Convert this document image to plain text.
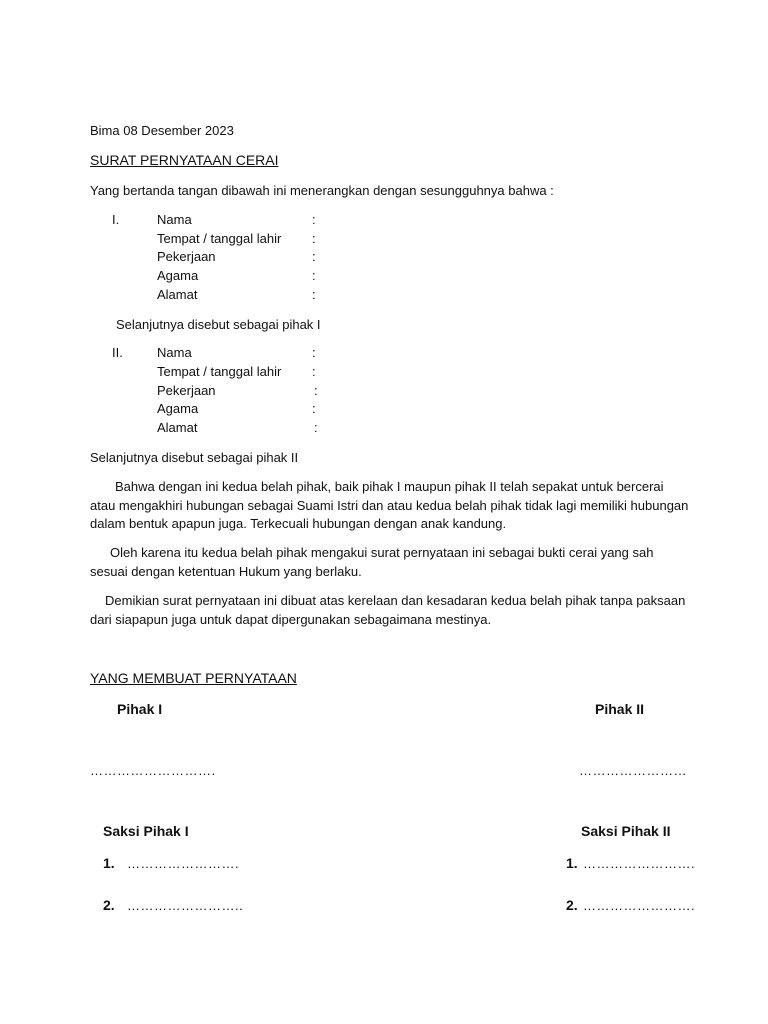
Bima 08 Desember 2023
SURAT PERNYATAAN CERAI
Yang bertanda tangan dibawah ini menerangkan dengan sesungguhnya bahwa :
I.	Nama	:
Tempat / tanggal lahir :
Pekerjaan	:
Agama	:
Alamat	:
Selanjutnya disebut sebagai pihak I
II.	Nama	:
Tempat / tanggal lahir :
Pekerjaan	:
Agama	:
Alamat	:
Selanjutnya disebut sebagai pihak II
Bahwa dengan ini kedua belah pihak, baik pihak I maupun pihak II telah sepakat untuk bercerai atau mengakhiri hubungan sebagai Suami Istri dan atau kedua belah pihak tidak lagi memiliki hubungan dalam bentuk apapun juga. Terkecuali hubungan dengan anak kandung.
Oleh karena itu kedua belah pihak mengakui surat pernyataan ini sebagai bukti cerai yang sah sesuai dengan ketentuan Hukum yang berlaku.
Demikian surat pernyataan ini dibuat atas kerelaan dan kesadaran kedua belah pihak tanpa paksaan dari siapapun juga untuk dapat dipergunakan sebagaimana mestinya.
YANG MEMBUAT PERNYATAAN
Pihak I	Pihak II
……………………….	……………………
Saksi Pihak I	Saksi Pihak II
1. …………………….
2. ……………………..
1. …………………….
2. …………………….
